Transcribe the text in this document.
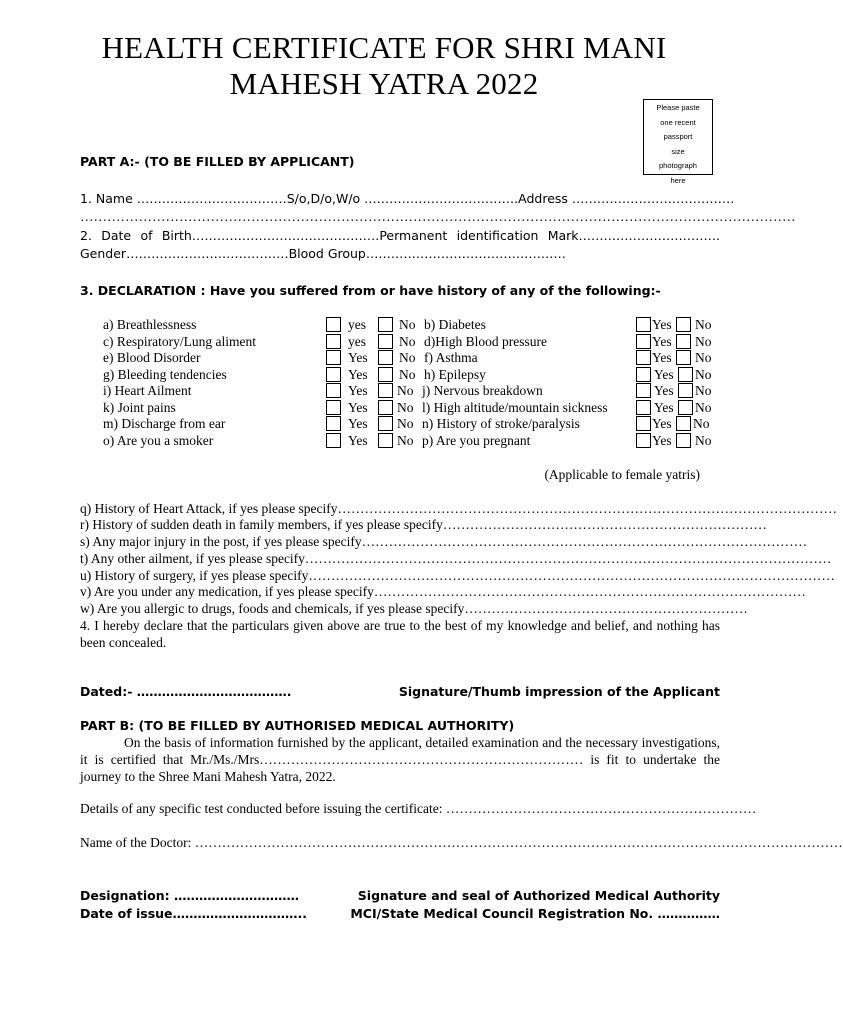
HEALTH CERTIFICATE FOR SHRI MANI
MAHESH YATRA 2022
Please paste
one recent
passport
size
photograph
here
PART A:- (TO BE FILLED BY APPLICANT)
1. Name ………………………………S/o,D/o,W/o ……………………………….Address …………………………………
……………………………………………………………………………………………………………………………………………
2. Date of Birth………………………………………Permanent identification Mark…………………………….
Gender…………………………………Blood Group…………………………………………
3. DECLARATION : Have you suffered from or have history of any of the following:-
a) Breathlessness	yes No b) Diabetes	Yes No
c) Respiratory/Lung aliment	yes No d)High Blood pressure	Yes No
e) Blood Disorder	Yes No f) Asthma	Yes No
g) Bleeding tendencies	Yes No h) Epilepsy	Yes No
i) Heart Ailment	Yes No j) Nervous breakdown	Yes No
k) Joint pains	Yes No l) High altitude/mountain sickness	Yes No
m) Discharge from ear	Yes No n) History of stroke/paralysis	Yes No
o) Are you a smoker	Yes No p) Are you pregnant	Yes No
(Applicable to female yatris)
q) History of Heart Attack, if yes please specify…………………………………………………………………………………………………
r) History of sudden death in family members, if yes please specify………………………………………………………………
s) Any major injury in the post, if yes please specify………………………………………………………………………………………
t) Any other ailment, if yes please specify………………………………………………………………………………………………………
u) History of surgery, if yes please specify………………………………………………………………………………………………………
v) Are you under any medication, if yes please specify……………………………………………………………………………………
w) Are you allergic to drugs, foods and chemicals, if yes please specify………………………………………………………
4. I hereby declare that the particulars given above are true to the best of my knowledge and belief, and nothing has been concealed.
Dated:- ……………………………….	Signature/Thumb impression of the Applicant
PART B: (TO BE FILLED BY AUTHORISED MEDICAL AUTHORITY)
On the basis of information furnished by the applicant, detailed examination and the necessary investigations, it is certified that Mr./Ms./Mrs……………………………………………………………… is fit to undertake the journey to the Shree Mani Mahesh Yatra, 2022.
Details of any specific test conducted before issuing the certificate: ……………………………………………………………
Name of the Doctor: ………………………………………………………………………………………………………………………………
Designation: …………………………	Signature and seal of Authorized Medical Authority
Date of issue…………………………..	MCI/State Medical Council Registration No. ……………
